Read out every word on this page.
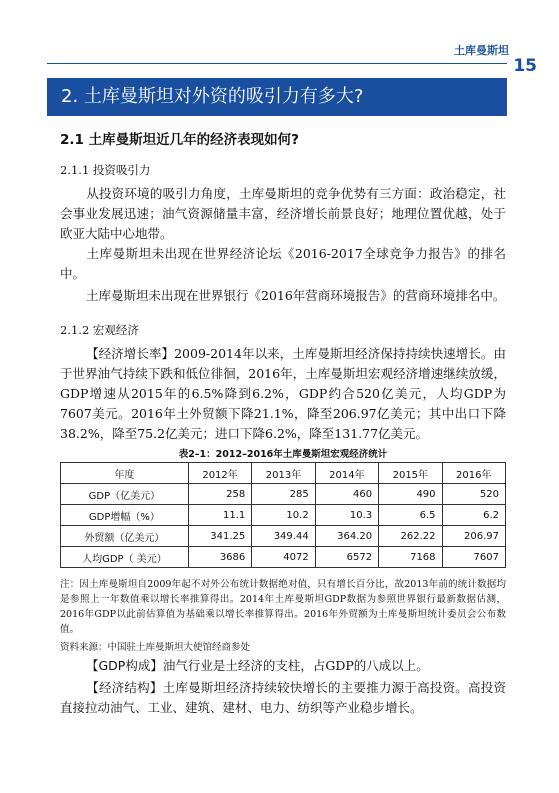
土库曼斯坦
15
2. 土库曼斯坦对外资的吸引力有多大?
2.1 土库曼斯坦近几年的经济表现如何?
2.1.1 投资吸引力
从投资环境的吸引力角度，土库曼斯坦的竞争优势有三方面：政治稳定，社会事业发展迅速；油气资源储量丰富，经济增长前景良好；地理位置优越，处于欧亚大陆中心地带。
土库曼斯坦未出现在世界经济论坛《2016-2017全球竞争力报告》的排名中。
土库曼斯坦未出现在世界银行《2016年营商环境报告》的营商环境排名中。
2.1.2 宏观经济
【经济增长率】2009-2014年以来，土库曼斯坦经济保持持续快速增长。由于世界油气持续下跌和低位徘徊，2016年，土库曼斯坦宏观经济增速继续放缓，GDP增速从2015年的6.5%降到6.2%，GDP约合520亿美元，人均GDP为7607美元。2016年土外贸额下降21.1%，降至206.97亿美元；其中出口下降38.2%，降至75.2亿美元；进口下降6.2%，降至131.77亿美元。
表2–1：2012–2016年土库曼斯坦宏观经济统计
年度	2012年	2013年	2014年	2015年	2016年
GDP（亿美元）	258	285	460	490	520
GDP增幅（%）	11.1	10.2	10.3	6.5	6.2
外贸额（亿美元）	341.25	349.44	364.20	262.22	206.97
人均GDP（ 美元）	3686	4072	6572	7168	7607
注：因土库曼斯坦自2009年起不对外公布统计数据绝对值，只有增长百分比，故2013年前的统计数据均是参照上一年数值乘以增长率推算得出。2014年土库曼斯坦GDP数据为参照世界银行最新数据估测，2016年GDP以此前估算值为基础乘以增长率推算得出。2016年外贸额为土库曼斯坦统计委员会公布数值。
资料来源：中国驻土库曼斯坦大使馆经商参处
【GDP构成】油气行业是土经济的支柱，占GDP的八成以上。
【经济结构】土库曼斯坦经济持续较快增长的主要推力源于高投资。高投资直接拉动油气、工业、建筑、建材、电力、纺织等产业稳步增长。
